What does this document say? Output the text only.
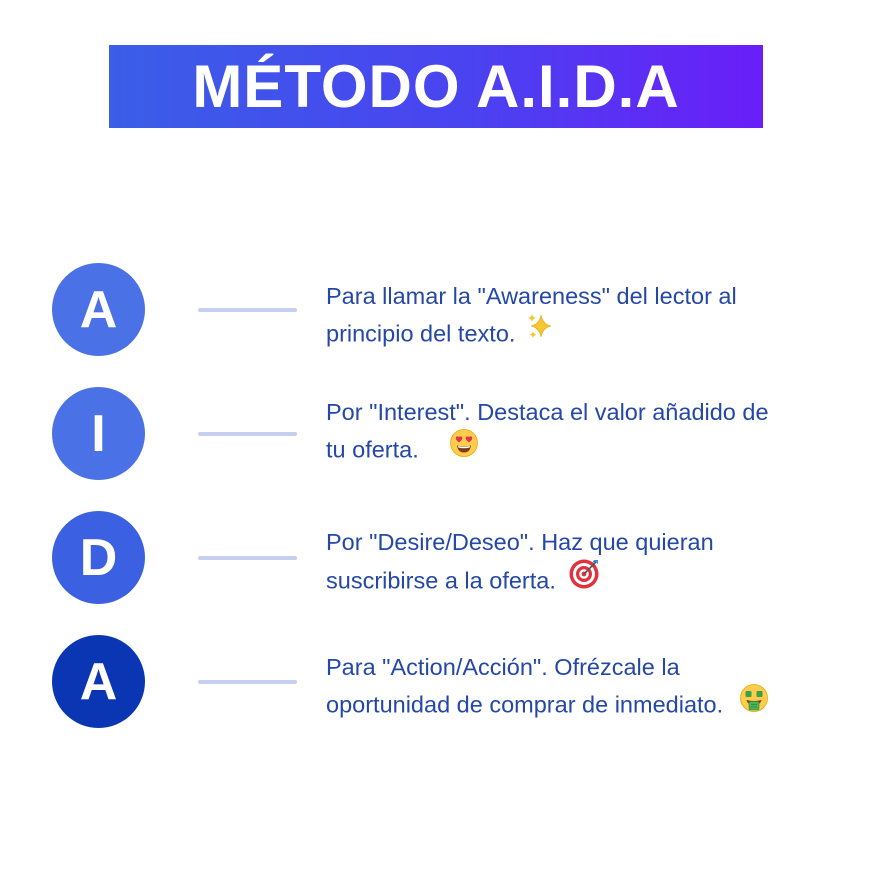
MÉTODO A.I.D.A
A	Para llamar la "Awareness" del lector al
principio del texto.
I	Por "Interest". Destaca el valor añadido de
tu oferta.
D	Por "Desire/Deseo". Haz que quieran
suscribirse a la oferta.
A	Para "Action/Acción". Ofrézcale la
oportunidad de comprar de inmediato.
